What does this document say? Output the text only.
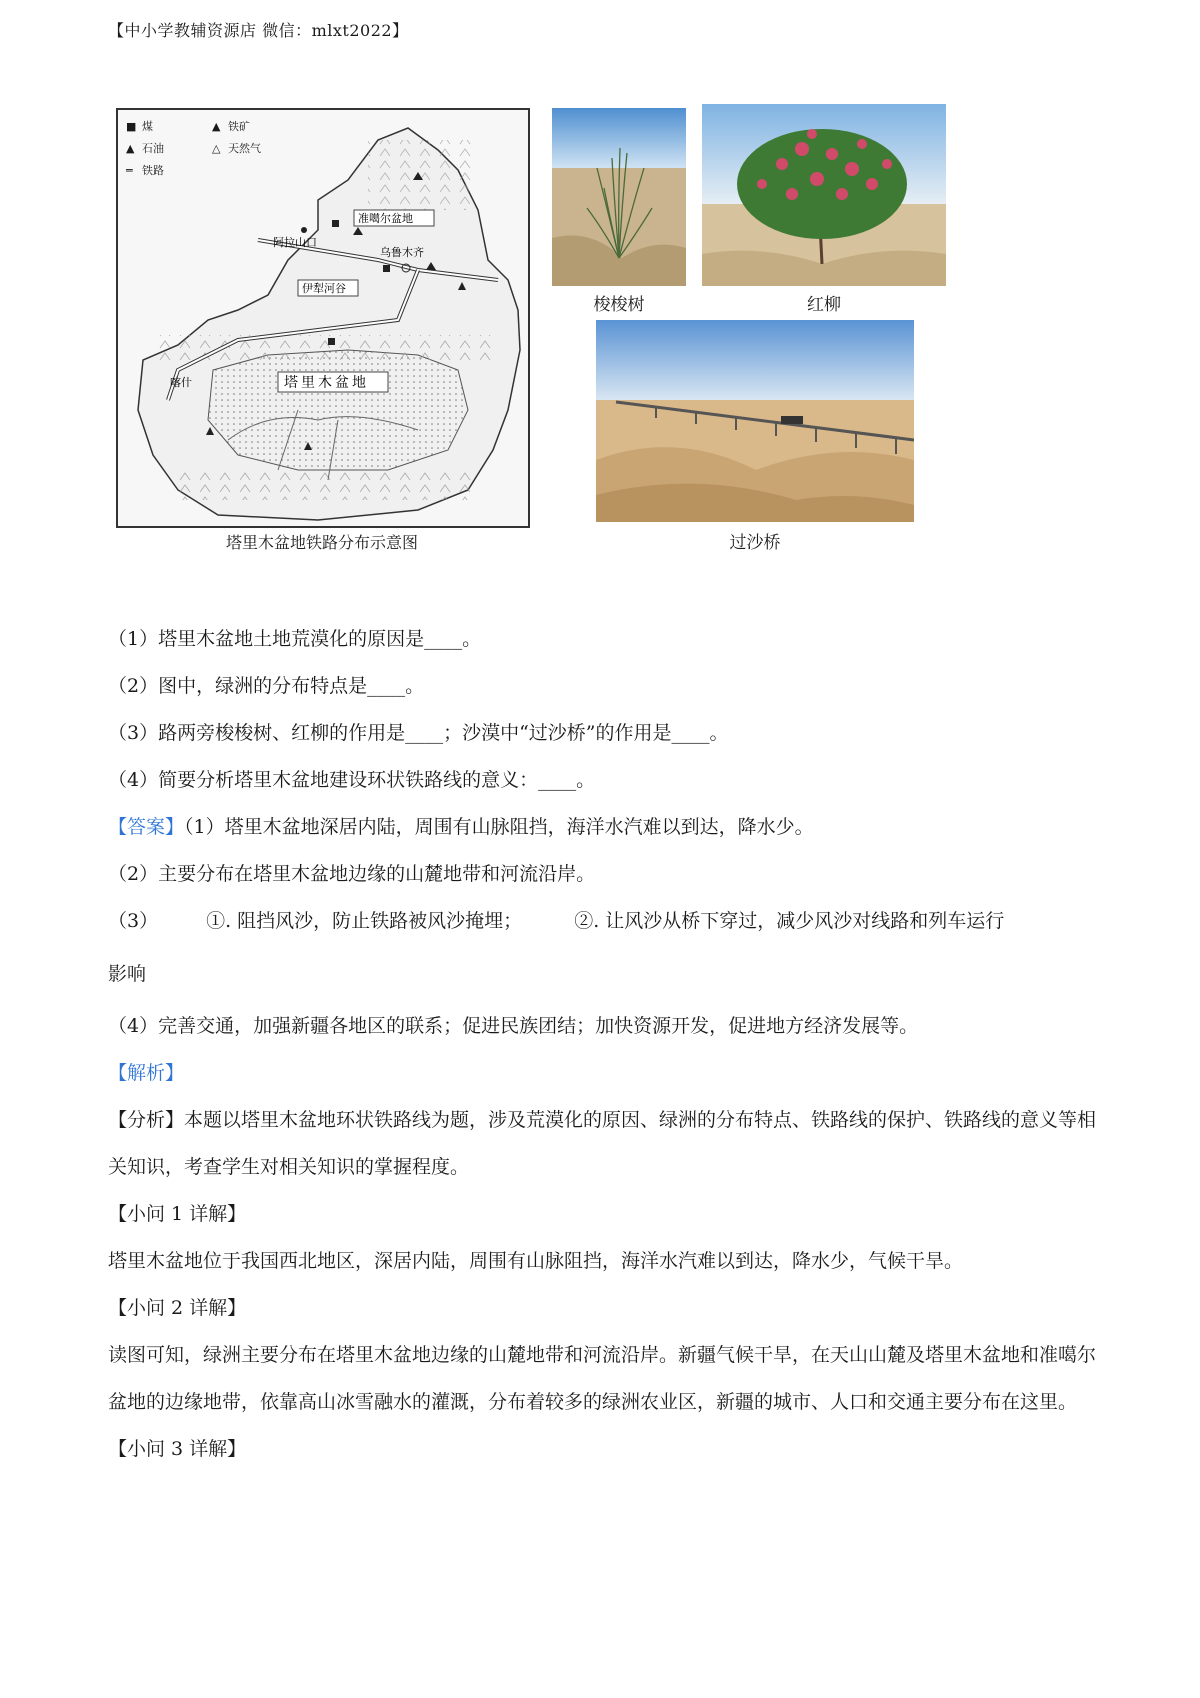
【中小学教辅资源店 微信：mlxt2022】
准噶尔盆地
阿拉山口
乌鲁木齐
伊犁河谷
喀什	塔里木盆地
■ 煤	▲ 铁矿
▲ 石油	△ 天然气
═ 铁路
塔里木盆地铁路分布示意图
梭梭树	红柳
过沙桥

（1）塔里木盆地土地荒漠化的原因是____。

（2）图中，绿洲的分布特点是____。

（3）路两旁梭梭树、红柳的作用是____；沙漠中“过沙桥”的作用是____。

（4）简要分析塔里木盆地建设环状铁路线的意义：____。

【答案】（1）塔里木盆地深居内陆，周围有山脉阻挡，海洋水汽难以到达，降水少。

（2）主要分布在塔里木盆地边缘的山麓地带和河流沿岸。

（3）	①. 阻挡风沙，防止铁路被风沙掩埋；	②. 让风沙从桥下穿过，减少风沙对线路和列车运行

影响

（4）完善交通，加强新疆各地区的联系；促进民族团结；加快资源开发，促进地方经济发展等。

【解析】

【分析】本题以塔里木盆地环状铁路线为题，涉及荒漠化的原因、绿洲的分布特点、铁路线的保护、铁路线的意义等相关知识，考查学生对相关知识的掌握程度。

【小问 1 详解】

塔里木盆地位于我国西北地区，深居内陆，周围有山脉阻挡，海洋水汽难以到达，降水少，气候干旱。

【小问 2 详解】

读图可知，绿洲主要分布在塔里木盆地边缘的山麓地带和河流沿岸。新疆气候干旱，在天山山麓及塔里木盆地和准噶尔盆地的边缘地带，依靠高山冰雪融水的灌溉，分布着较多的绿洲农业区，新疆的城市、人口和交通主要分布在这里。

【小问 3 详解】
